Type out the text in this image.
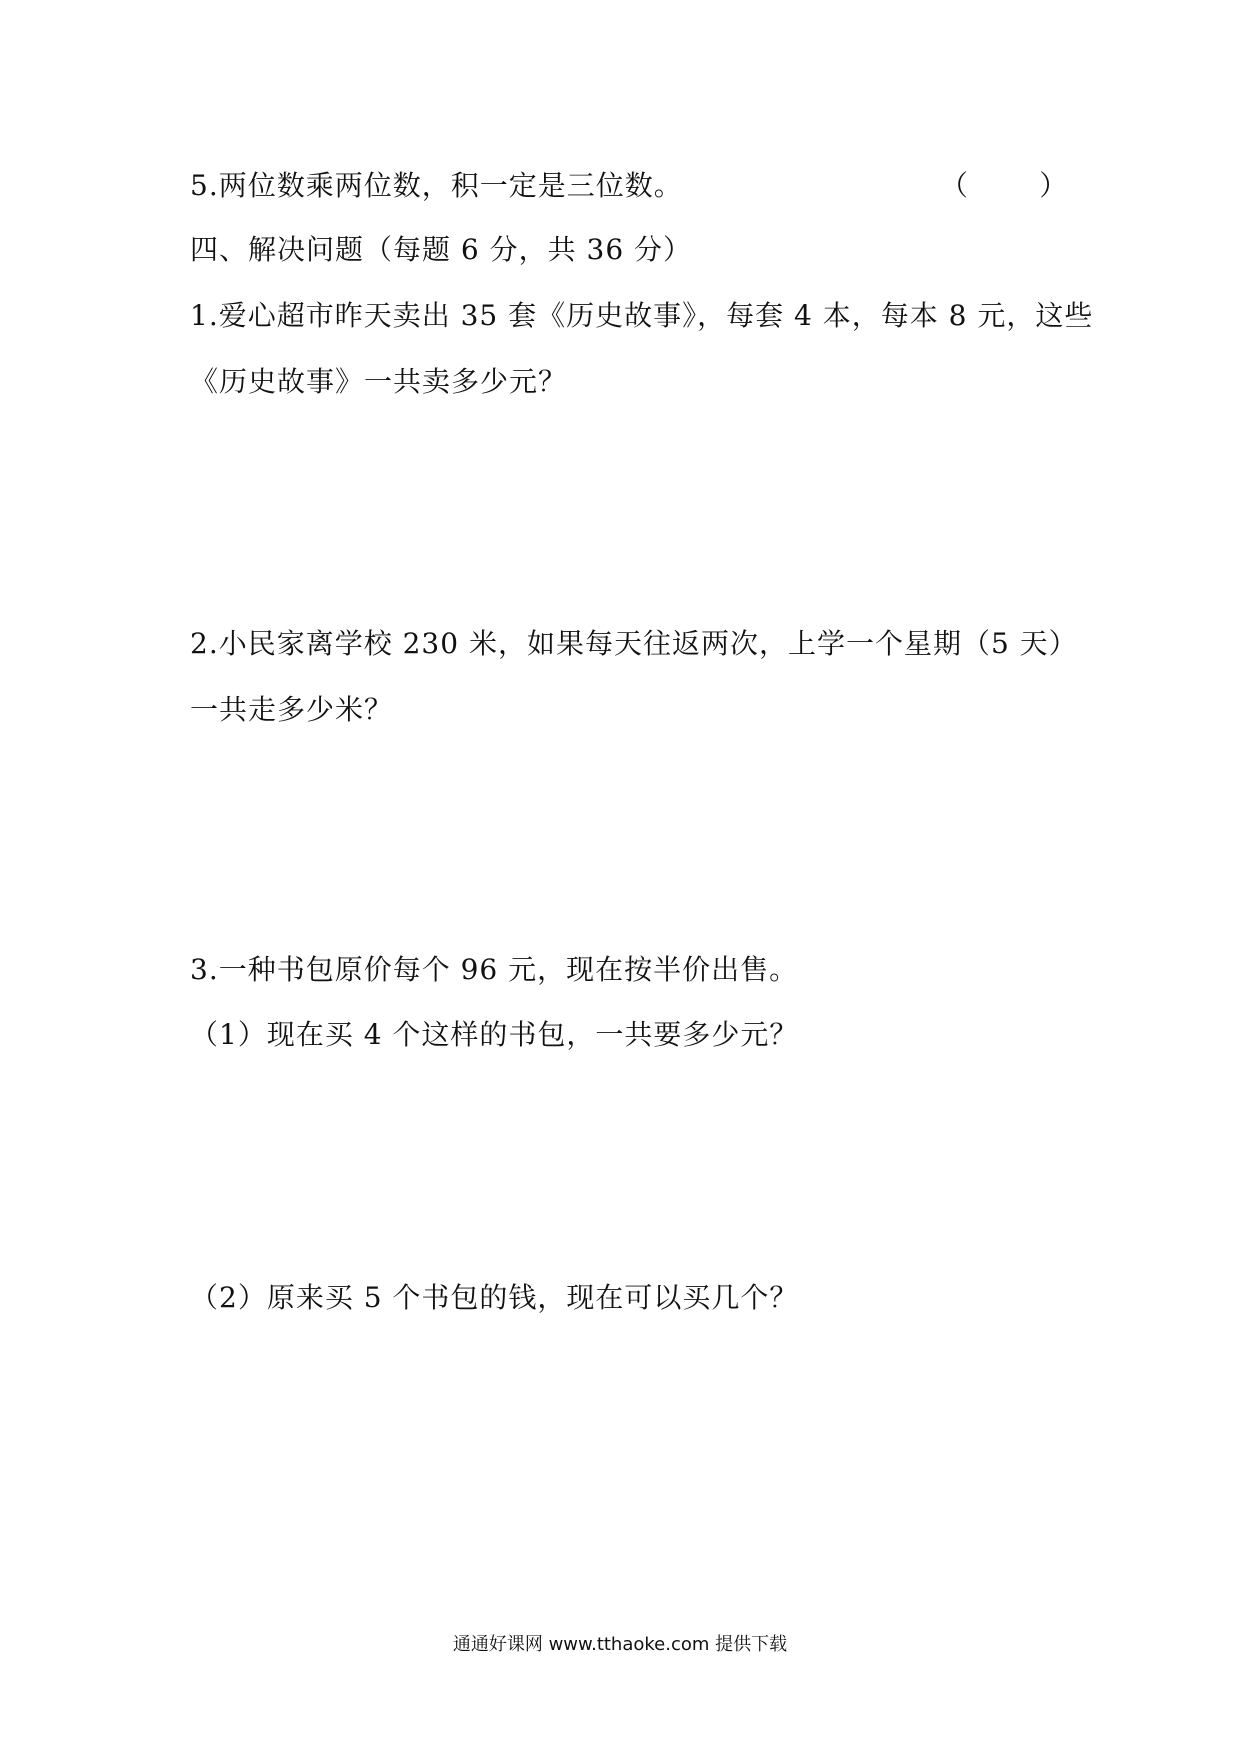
5.两位数乘两位数，积一定是三位数。	（        ）
四、解决问题（每题 6 分，共 36 分）
1.爱心超市昨天卖出 35 套《历史故事》，每套 4 本，每本 8 元，这些
《历史故事》一共卖多少元？
2.小民家离学校 230 米，如果每天往返两次，上学一个星期（5 天）
一共走多少米？
3.一种书包原价每个 96 元，现在按半价出售。
（1）现在买 4 个这样的书包，一共要多少元？
（2）原来买 5 个书包的钱，现在可以买几个？
通通好课网 www.tthaoke.com 提供下载
